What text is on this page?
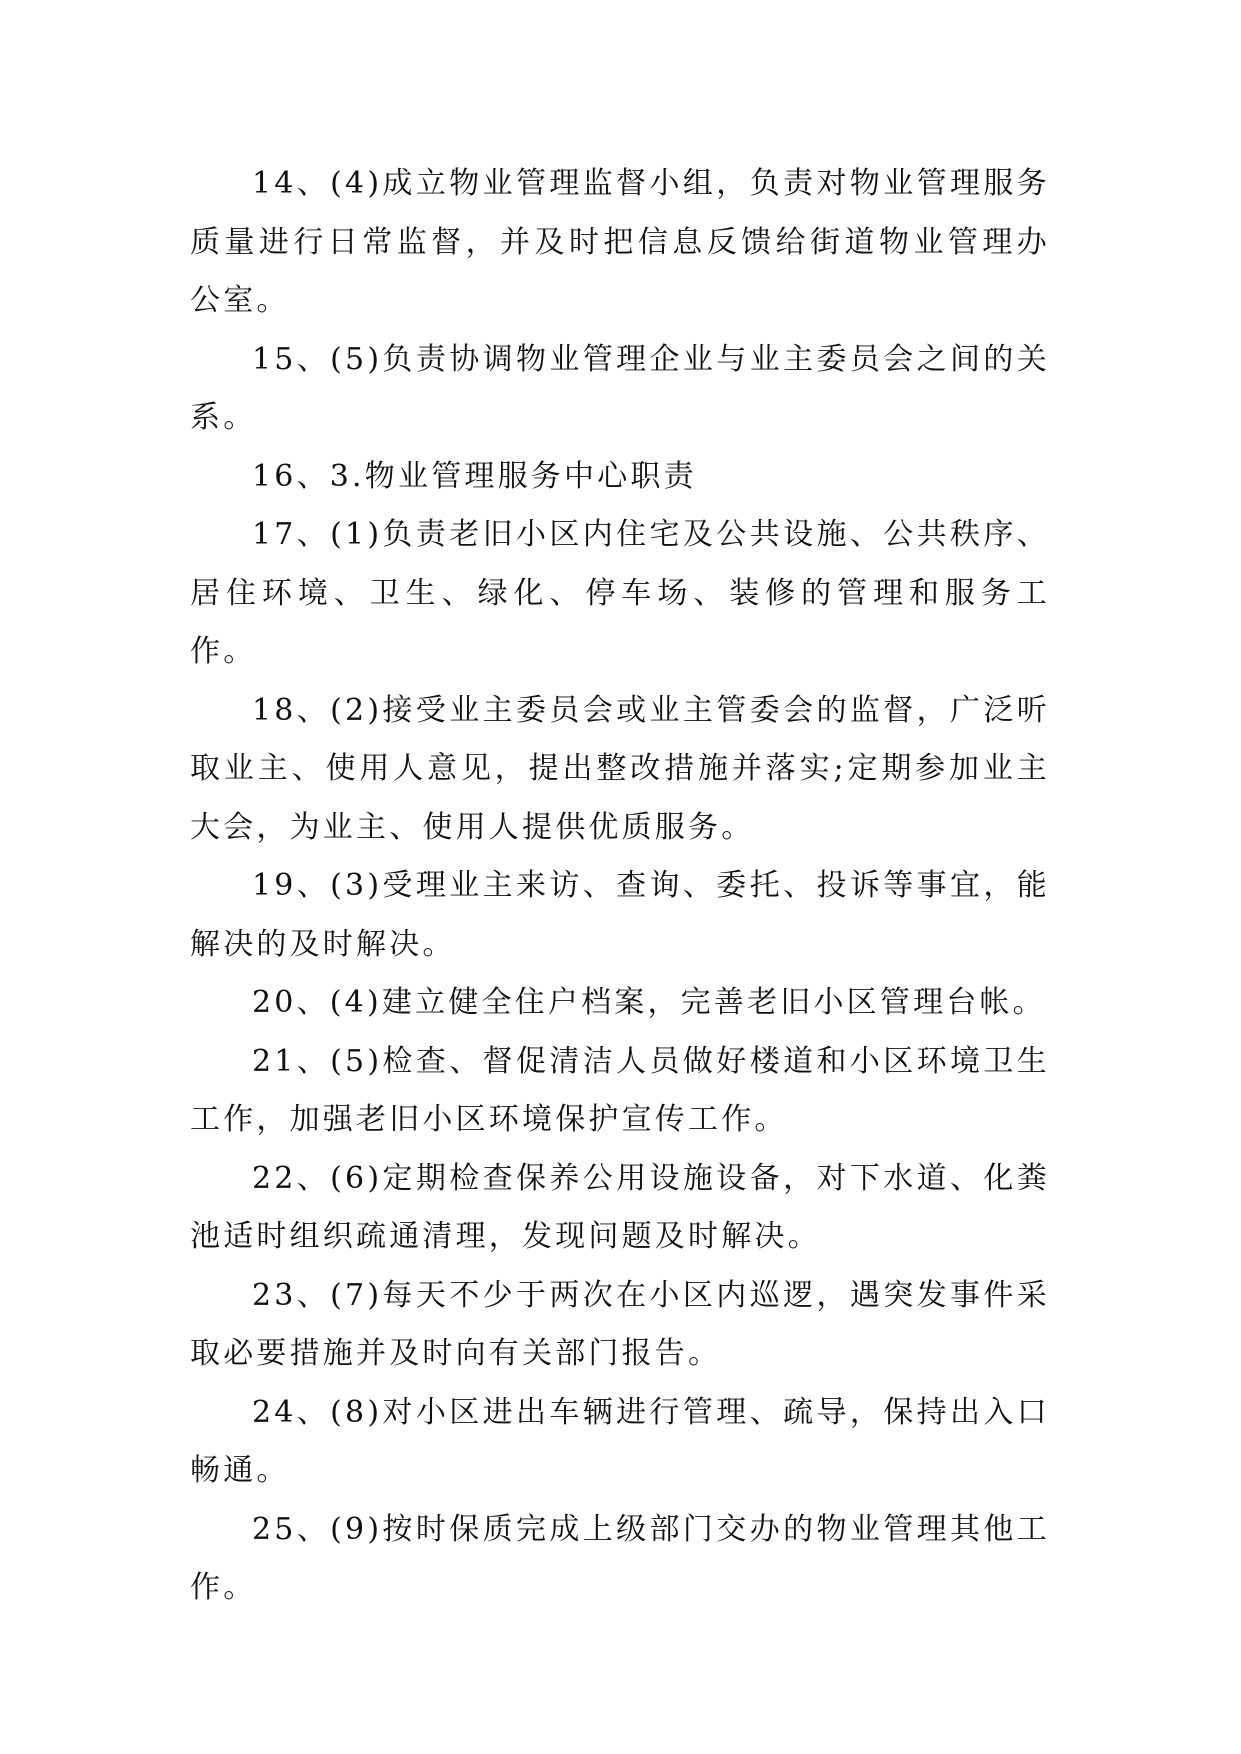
14、(4)成立物业管理监督小组，负责对物业管理服务质量进行日常监督，并及时把信息反馈给街道物业管理办公室。

15、(5)负责协调物业管理企业与业主委员会之间的关系。

16、3.物业管理服务中心职责

17、(1)负责老旧小区内住宅及公共设施、公共秩序、居住环境、卫生、绿化、停车场、装修的管理和服务工作。

18、(2)接受业主委员会或业主管委会的监督，广泛听取业主、使用人意见，提出整改措施并落实;定期参加业主大会，为业主、使用人提供优质服务。

19、(3)受理业主来访、查询、委托、投诉等事宜，能解决的及时解决。

20、(4)建立健全住户档案，完善老旧小区管理台帐。

21、(5)检查、督促清洁人员做好楼道和小区环境卫生工作，加强老旧小区环境保护宣传工作。

22、(6)定期检查保养公用设施设备，对下水道、化粪池适时组织疏通清理，发现问题及时解决。

23、(7)每天不少于两次在小区内巡逻，遇突发事件采取必要措施并及时向有关部门报告。

24、(8)对小区进出车辆进行管理、疏导，保持出入口畅通。

25、(9)按时保质完成上级部门交办的物业管理其他工作。
